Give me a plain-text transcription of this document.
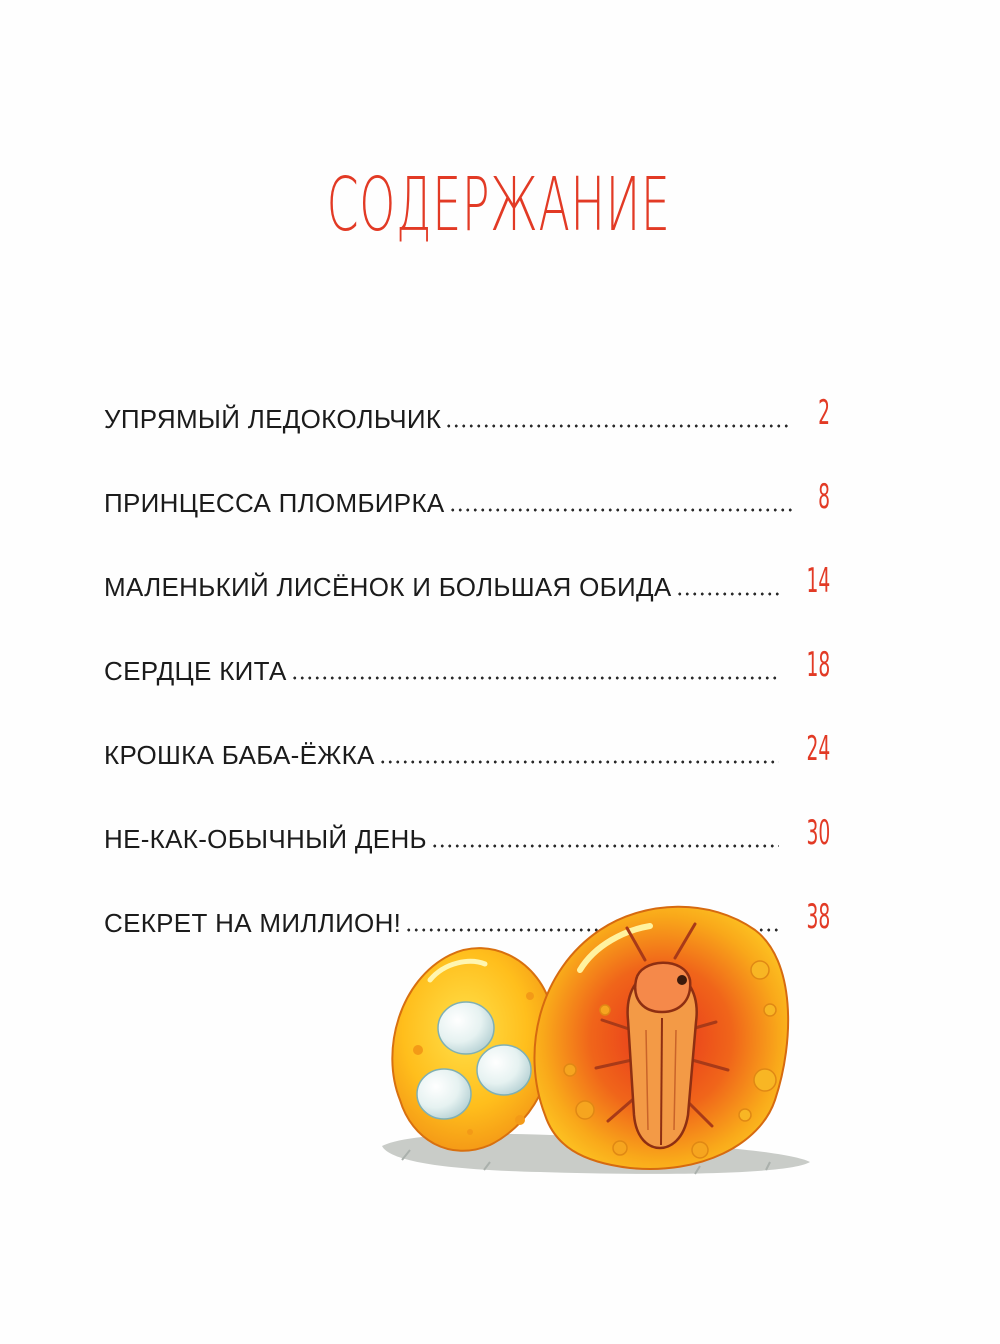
СОДЕРЖАНИЕ
УПРЯМЫЙ ЛЕДОКОЛЬЧИК	2
ПРИНЦЕССА ПЛОМБИРКА	8
МАЛЕНЬКИЙ ЛИСЁНОК И БОЛЬШАЯ ОБИДА	14
СЕРДЦЕ КИТА	18
КРОШКА БАБА-ЁЖКА	24
НЕ-КАК-ОБЫЧНЫЙ ДЕНЬ	30
СЕКРЕТ НА МИЛЛИОН!	38
